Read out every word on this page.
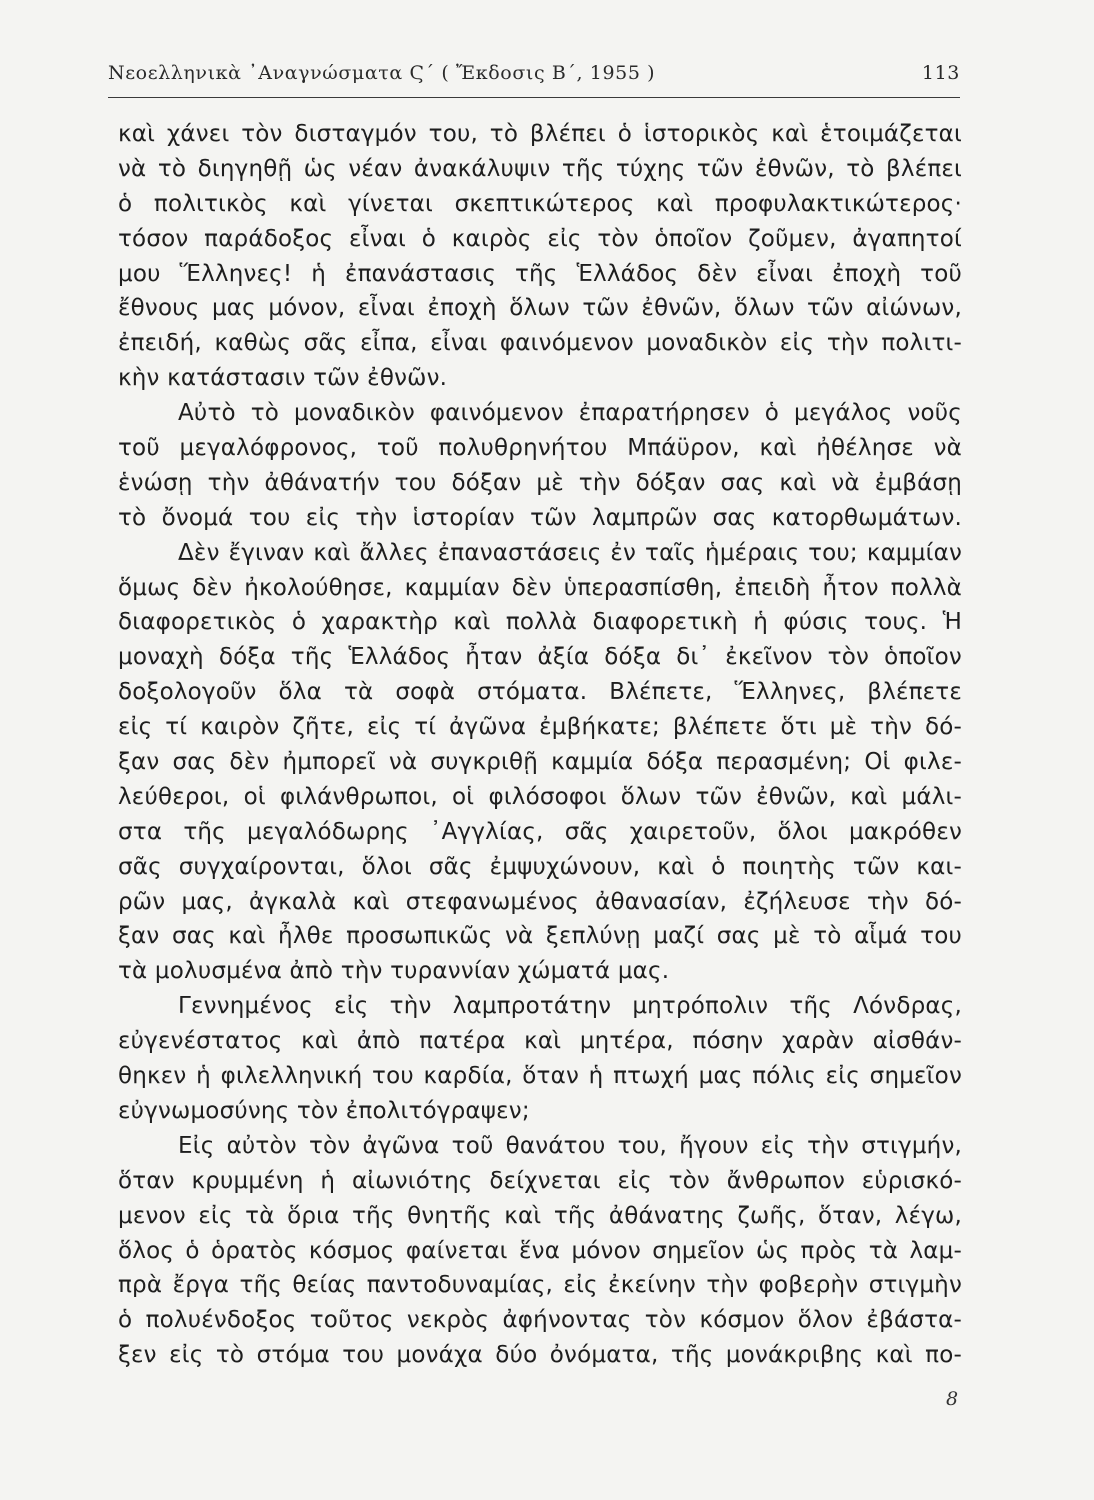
Νεοελληνικὰ ᾿Αναγνώσματα Ϛ΄ ( Ἔκδοσις Β΄, 1955 )	113
καὶ χάνει τὸν δισταγμόν του, τὸ βλέπει ὁ ἱστορικὸς καὶ ἑτοιμάζεται
νὰ τὸ διηγηθῇ ὡς νέαν ἀνακάλυψιν τῆς τύχης τῶν ἐθνῶν, τὸ βλέπει
ὁ πολιτικὸς καὶ γίνεται σκεπτικώτερος καὶ προφυλακτικώτερος·
τόσον παράδοξος εἶναι ὁ καιρὸς εἰς τὸν ὁποῖον ζοῦμεν, ἀγαπητοί
μου Ἕλληνες! ἡ ἐπανάστασις τῆς Ἑλλάδος δὲν εἶναι ἐποχὴ τοῦ
ἔθνους μας μόνον, εἶναι ἐποχὴ ὅλων τῶν ἐθνῶν, ὅλων τῶν αἰώνων,
ἐπειδή, καθὼς σᾶς εἶπα, εἶναι φαινόμενον μοναδικὸν εἰς τὴν πολιτι-
κὴν κατάστασιν τῶν ἐθνῶν.
Αὐτὸ τὸ μοναδικὸν φαινόμενον ἐπαρατήρησεν ὁ μεγάλος νοῦς
τοῦ μεγαλόφρονος, τοῦ πολυθρηνήτου Μπάϋρον, καὶ ἠθέλησε νὰ
ἑνώσῃ τὴν ἀθάνατήν του δόξαν μὲ τὴν δόξαν σας καὶ νὰ ἐμβάσῃ
τὸ ὄνομά του εἰς τὴν ἱστορίαν τῶν λαμπρῶν σας κατορθωμάτων.
Δὲν ἔγιναν καὶ ἄλλες ἐπαναστάσεις ἐν ταῖς ἡμέραις του; καμμίαν
ὅμως δὲν ἠκολούθησε, καμμίαν δὲν ὑπερασπίσθη, ἐπειδὴ ἦτον πολλὰ
διαφορετικὸς ὁ χαρακτὴρ καὶ πολλὰ διαφορετικὴ ἡ φύσις τους. Ἡ
μοναχὴ δόξα τῆς Ἑλλάδος ἦταν ἀξία δόξα δι᾿ ἐκεῖνον τὸν ὁποῖον
δοξολογοῦν ὅλα τὰ σοφὰ στόματα. Βλέπετε, Ἕλληνες, βλέπετε
εἰς τί καιρὸν ζῆτε, εἰς τί ἀγῶνα ἐμβήκατε; βλέπετε ὅτι μὲ τὴν δό-
ξαν σας δὲν ἠμπορεῖ νὰ συγκριθῇ καμμία δόξα περασμένη; Οἱ φιλε-
λεύθεροι, οἱ φιλάνθρωποι, οἱ φιλόσοφοι ὅλων τῶν ἐθνῶν, καὶ μάλι-
στα τῆς μεγαλόδωρης ᾿Αγγλίας, σᾶς χαιρετοῦν, ὅλοι μακρόθεν
σᾶς συγχαίρονται, ὅλοι σᾶς ἐμψυχώνουν, καὶ ὁ ποιητὴς τῶν και-
ρῶν μας, ἀγκαλὰ καὶ στεφανωμένος ἀθανασίαν, ἐζήλευσε τὴν δό-
ξαν σας καὶ ἦλθε προσωπικῶς νὰ ξεπλύνῃ μαζί σας μὲ τὸ αἷμά του
τὰ μολυσμένα ἀπὸ τὴν τυραννίαν χώματά μας.
Γεννημένος εἰς τὴν λαμπροτάτην μητρόπολιν τῆς Λόνδρας,
εὐγενέστατος καὶ ἀπὸ πατέρα καὶ μητέρα, πόσην χαρὰν αἰσθάν-
θηκεν ἡ φιλελληνική του καρδία, ὅταν ἡ πτωχή μας πόλις εἰς σημεῖον
εὐγνωμοσύνης τὸν ἐπολιτόγραψεν;
Εἰς αὐτὸν τὸν ἀγῶνα τοῦ θανάτου του, ἤγουν εἰς τὴν στιγμήν,
ὅταν κρυμμένη ἡ αἰωνιότης δείχνεται εἰς τὸν ἄνθρωπον εὑρισκό-
μενον εἰς τὰ ὅρια τῆς θνητῆς καὶ τῆς ἀθάνατης ζωῆς, ὅταν, λέγω,
ὅλος ὁ ὁρατὸς κόσμος φαίνεται ἕνα μόνον σημεῖον ὡς πρὸς τὰ λαμ-
πρὰ ἔργα τῆς θείας παντοδυναμίας, εἰς ἐκείνην τὴν φοβερὴν στιγμὴν
ὁ πολυένδοξος τοῦτος νεκρὸς ἀφήνοντας τὸν κόσμον ὅλον ἐβάστα-
ξεν εἰς τὸ στόμα του μονάχα δύο ὀνόματα, τῆς μονάκριβης καὶ πο-
8
